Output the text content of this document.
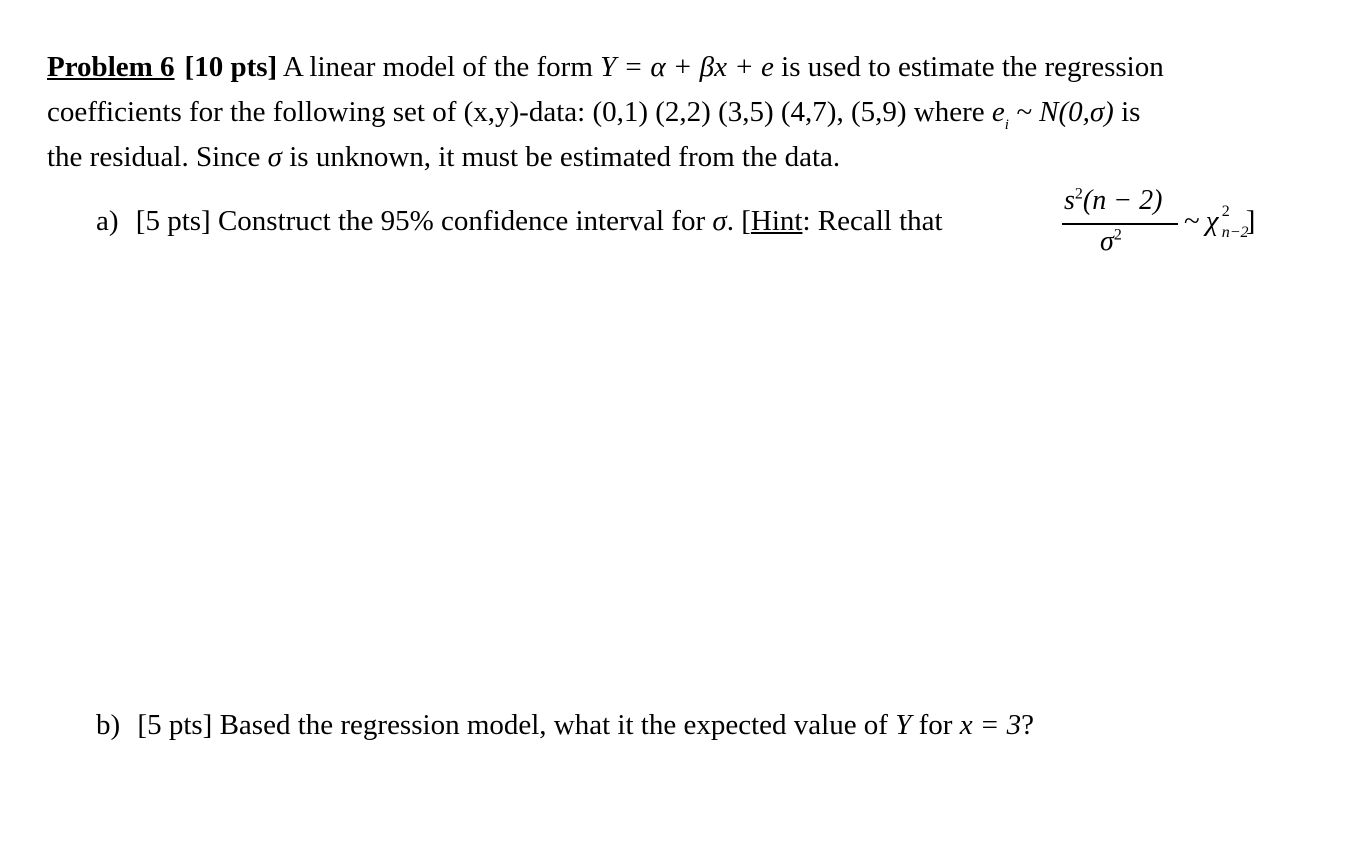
Problem 6 [10 pts] A linear model of the form Y = α + βx + e is used to estimate the regression
coefficients for the following set of (x,y)-data: (0,1) (2,2) (3,5) (4,7), (5,9) where $e_i$ ~ N(0,σ) is
the residual. Since σ is unknown, it must be estimated from the data.
a) [5 pts] Construct the 95% confidence interval for σ. [Hint: Recall that
$s^2(n - 2)$
$\sigma^2$ ~ χ 2
n−2
]
b) [5 pts] Based the regression model, what it the expected value of Y for x = 3?
